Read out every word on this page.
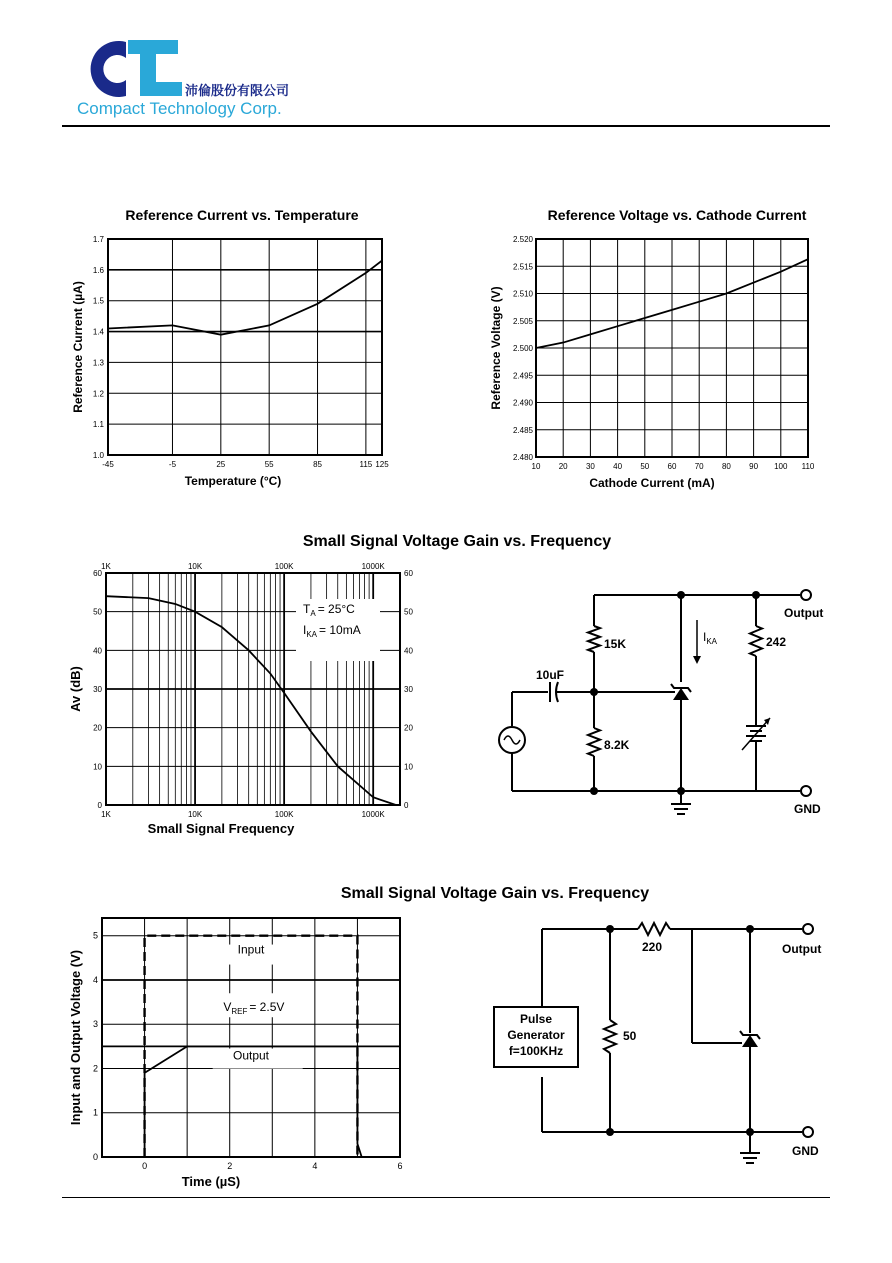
沛倫股份有限公司
Compact Technology Corp.
Reference Current vs. Temperature
-45	-5	25	55	85	115 125
1.7
1.6
1.5
1.4
1.3
1.2
1.1
1.0
Temperature (°C)
Reference Current (µA)
Reference Voltage vs. Cathode Current
10 20 30 40 50 60 70 80 90 100 110
2.520
2.515
2.510
2.505
2.500
2.495
2.490
2.485
2.480
Cathode Current (mA)
Reference Voltage (V)
Small Signal Voltage Gain vs. Frequency
1K
1K
10K
10K
100K
100K
1000K
1000K
60	60
50	50
40	40
30	30
20	20
10	10
0	0
$T_A = 25^\circ C$
$I_{KA} = 10mA$
Small Signal Frequency
Av (dB)
Output
15K
8.2K
10uF
GND
$I_{KA}$	242
Small Signal Voltage Gain vs. Frequency
0	2	4	6
5
4
3
2
1
0
Input
Output
$V_{REF} = 2.5V$
Time (µS)
Input and Output Voltage (V)
220	Output
Pulse
Generator
f=100KHz
50
GND
